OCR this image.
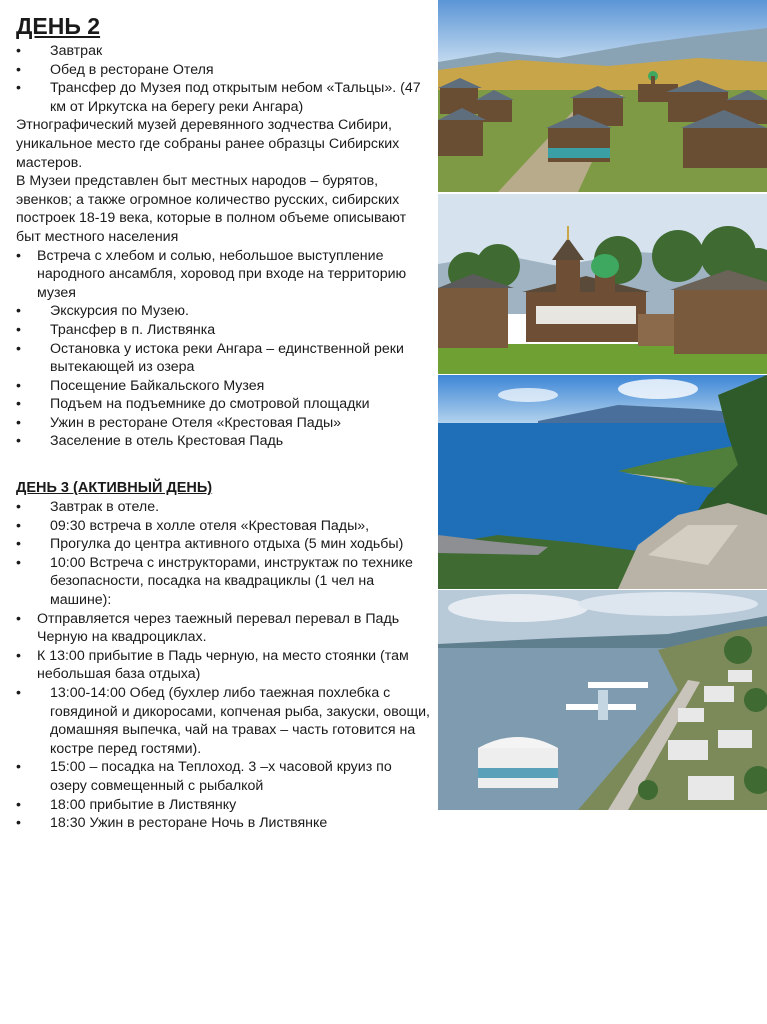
ДЕНЬ 2
• Завтрак
• Обед в ресторане Отеля
• Трансфер до Музея под открытым небом «Тальцы». (47 км от Иркутска на берегу реки Ангара)

Этнографический музей деревянного зодчества Сибири, уникальное место где собраны ранее образцы Сибирских мастеров.

В Музеи представлен быт местных народов – бурятов, эвенков; а также огромное количество русских, сибирских построек 18-19 века, которые в полном объеме описывают быт местного населения

• Встреча с хлебом и солью, небольшое выступление народного ансамбля, хоровод при входе на территорию музея
• Экскурсия по Музею.
• Трансфер в п. Листвянка
• Остановка у истока реки Ангара – единственной реки вытекающей из озера
• Посещение Байкальского Музея
• Подъем на подъемнике до смотровой площадки
• Ужин в ресторане Отеля «Крестовая Пады»
• Заселение в отель Крестовая Падь
ДЕНЬ 3 (АКТИВНЫЙ ДЕНЬ)
• Завтрак в отеле.
• 09:30 встреча в холле отеля «Крестовая Пады»,
• Прогулка до центра активного отдыха (5 мин ходьбы)
• 10:00 Встреча с инструкторами, инструктаж по технике безопасности, посадка на квадрациклы (1 чел на машине):
• Отправляется через таежный перевал перевал в Падь Черную на квадроциклах.
• К 13:00 прибытие в Падь черную, на место стоянки (там небольшая база отдыха)
• 13:00-14:00 Обед (бухлер либо таежная похлебка с говядиной и дикоросами, копченая рыба, закуски, овощи, домашняя выпечка, чай на травах – часть готовится на костре перед гостями).
• 15:00 – посадка на Теплоход. 3 –х часовой круиз по озеру совмещенный с рыбалкой
• 18:00 прибытие в Листвянку
• 18:30 Ужин в ресторане Ночь в Листвянке
